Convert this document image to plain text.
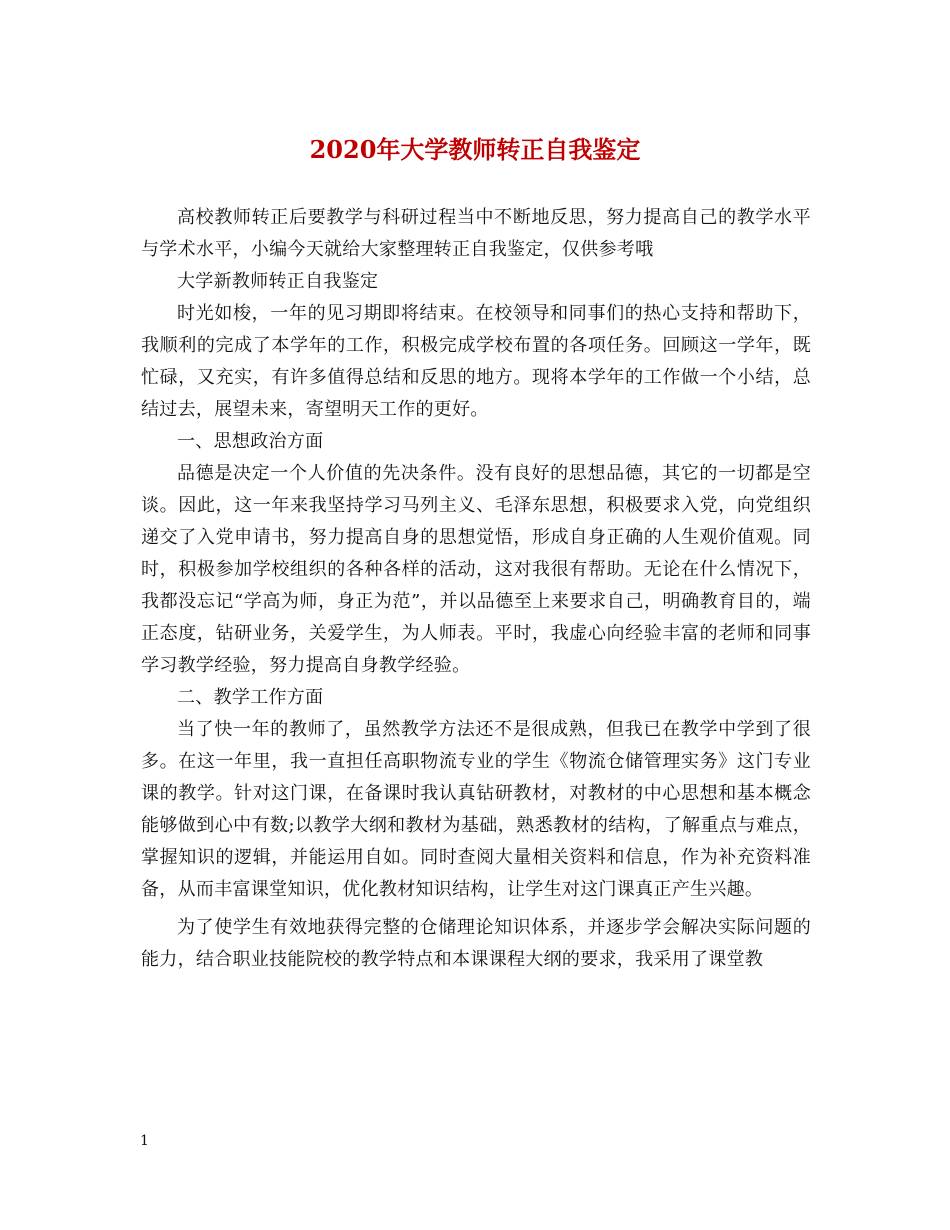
2020年大学教师转正自我鉴定

高校教师转正后要教学与科研过程当中不断地反思，努力提高自己的教学水平与学术水平，小编今天就给大家整理转正自我鉴定，仅供参考哦

大学新教师转正自我鉴定

时光如梭，一年的见习期即将结束。在校领导和同事们的热心支持和帮助下，我顺利的完成了本学年的工作，积极完成学校布置的各项任务。回顾这一学年，既忙碌，又充实，有许多值得总结和反思的地方。现将本学年的工作做一个小结，总结过去，展望未来，寄望明天工作的更好。

一、思想政治方面

品德是决定一个人价值的先决条件。没有良好的思想品德，其它的一切都是空谈。因此，这一年来我坚持学习马列主义、毛泽东思想，积极要求入党，向党组织递交了入党申请书，努力提高自身的思想觉悟，形成自身正确的人生观价值观。同时，积极参加学校组织的各种各样的活动，这对我很有帮助。无论在什么情况下，我都没忘记“学高为师，身正为范”，并以品德至上来要求自己，明确教育目的，端正态度，钻研业务，关爱学生，为人师表。平时，我虚心向经验丰富的老师和同事学习教学经验，努力提高自身教学经验。

二、教学工作方面

当了快一年的教师了，虽然教学方法还不是很成熟，但我已在教学中学到了很多。在这一年里，我一直担任高职物流专业的学生《物流仓储管理实务》这门专业课的教学。针对这门课，在备课时我认真钻研教材，对教材的中心思想和基本概念能够做到心中有数;以教学大纲和教材为基础，熟悉教材的结构，了解重点与难点，掌握知识的逻辑，并能运用自如。同时查阅大量相关资料和信息，作为补充资料准备，从而丰富课堂知识，优化教材知识结构，让学生对这门课真正产生兴趣。

为了使学生有效地获得完整的仓储理论知识体系，并逐步学会解决实际问题的能力，结合职业技能院校的教学特点和本课课程大纲的要求，我采用了课堂教

1
